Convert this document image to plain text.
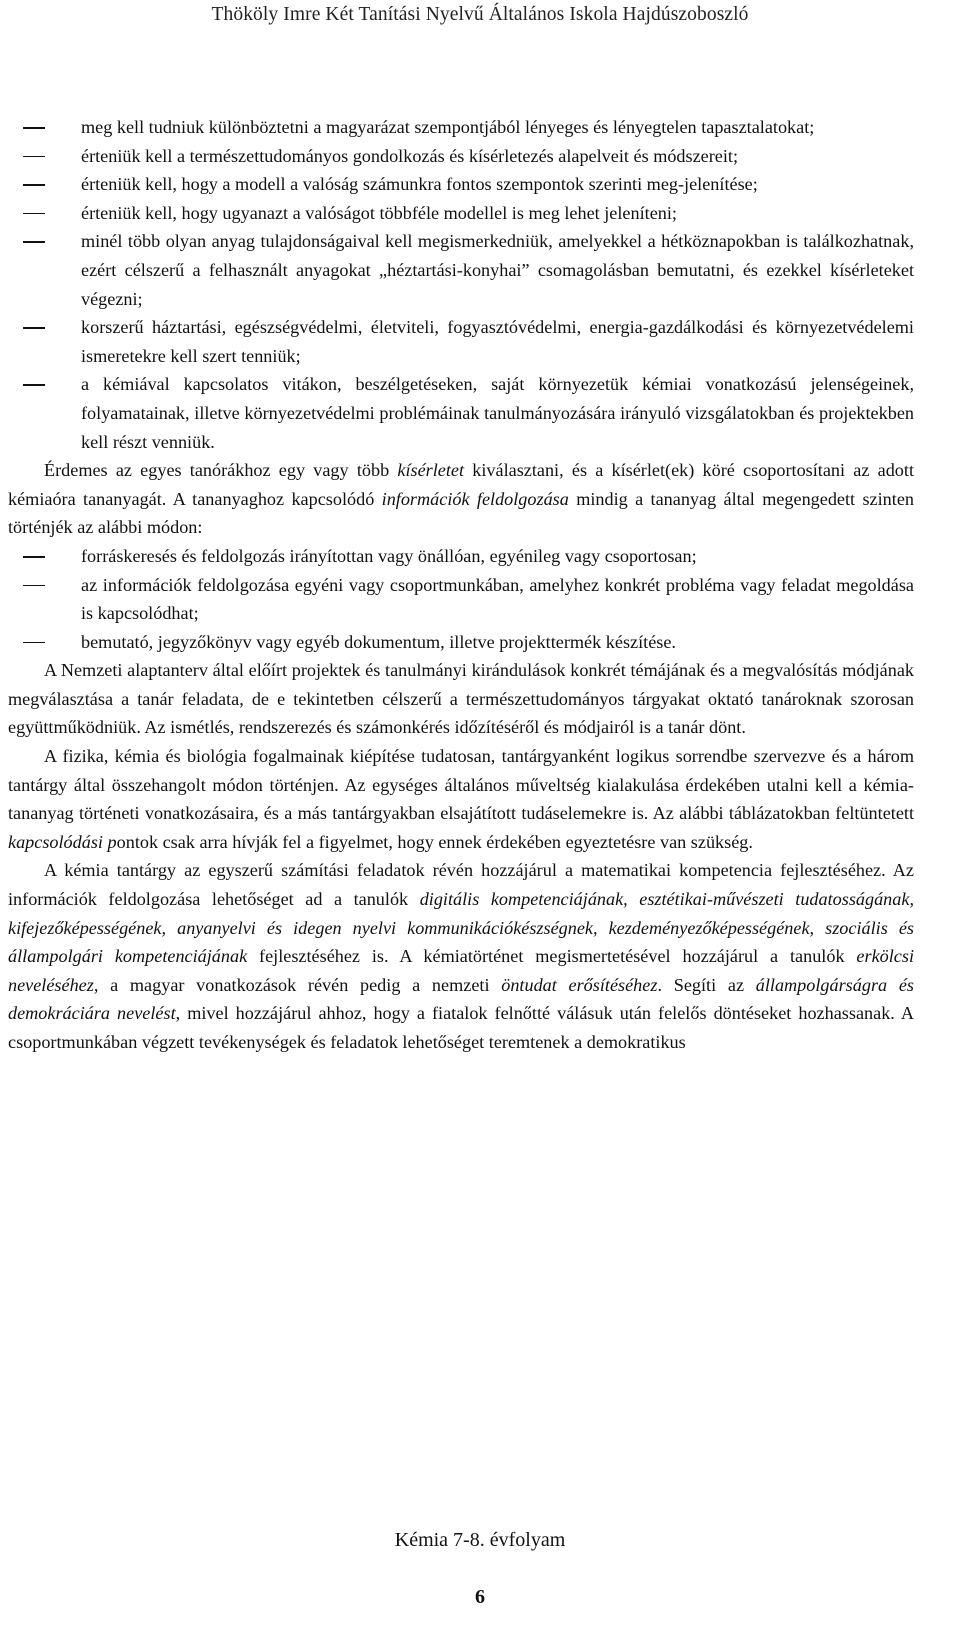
Thököly Imre Két Tanítási Nyelvű Általános Iskola Hajdúszoboszló
meg kell tudniuk különböztetni a magyarázat szempontjából lényeges és lényegtelen tapasztalatokat;
érteniük kell a természettudományos gondolkozás és kísérletezés alapelveit és módszereit;
érteniük kell, hogy a modell a valóság számunkra fontos szempontok szerinti meg-jelenítése;
érteniük kell, hogy ugyanazt a valóságot többféle modellel is meg lehet jeleníteni;
minél több olyan anyag tulajdonságaival kell megismerkedniük, amelyekkel a hétköznapokban is találkozhatnak, ezért célszerű a felhasznált anyagokat „héztartási-konyhai” csomagolásban bemutatni, és ezekkel kísérleteket végezni;
korszerű háztartási, egészségvédelmi, életviteli, fogyasztóvédelmi, energia-gazdálkodási és környezetvédelemi ismeretekre kell szert tenniük;
a kémiával kapcsolatos vitákon, beszélgetéseken, saját környezetük kémiai vonatkozású jelenségeinek, folyamatainak, illetve környezetvédelmi problémáinak tanulmányozására irányuló vizsgálatokban és projektekben kell részt venniük.

Érdemes az egyes tanórákhoz egy vagy több kísérletet kiválasztani, és a kísérlet(ek) köré csoportosítani az adott kémiaóra tananyagát. A tananyaghoz kapcsolódó információk feldolgozása mindig a tananyag által megengedett szinten történjék az alábbi módon:

forráskeresés és feldolgozás irányítottan vagy önállóan, egyénileg vagy csoportosan;
az információk feldolgozása egyéni vagy csoportmunkában, amelyhez konkrét probléma vagy feladat megoldása is kapcsolódhat;
bemutató, jegyzőkönyv vagy egyéb dokumentum, illetve projekttermék készítése.

A Nemzeti alaptanterv által előírt projektek és tanulmányi kirándulások konkrét témájának és a megvalósítás módjának megválasztása a tanár feladata, de e tekintetben célszerű a természettudományos tárgyakat oktató tanároknak szorosan együttműködniük. Az ismétlés, rendszerezés és számonkérés időzítéséről és módjairól is a tanár dönt.

A fizika, kémia és biológia fogalmainak kiépítése tudatosan, tantárgyanként logikus sorrendbe szervezve és a három tantárgy által összehangolt módon történjen. Az egységes általános műveltség kialakulása érdekében utalni kell a kémia-tananyag történeti vonatkozásaira, és a más tantárgyakban elsajátított tudáselemekre is. Az alábbi táblázatokban feltüntetett kapcsolódási pontok csak arra hívják fel a figyelmet, hogy ennek érdekében egyeztetésre van szükség.

A kémia tantárgy az egyszerű számítási feladatok révén hozzájárul a matematikai kompetencia fejlesztéséhez. Az információk feldolgozása lehetőséget ad a tanulók digitális kompetenciájának, esztétikai-művészeti tudatosságának, kifejezőképességének, anyanyelvi és idegen nyelvi kommunikációkészségnek, kezdeményezőképességének, szociális és állampolgári kompetenciájának fejlesztéséhez is. A kémiatörténet megismertetésével hozzájárul a tanulók erkölcsi neveléséhez, a magyar vonatkozások révén pedig a nemzeti öntudat erősítéséhez. Segíti az állampolgárságra és demokráciára nevelést, mivel hozzájárul ahhoz, hogy a fiatalok felnőtté válásuk után felelős döntéseket hozhassanak. A csoportmunkában végzett tevékenységek és feladatok lehetőséget teremtenek a demokratikus

Kémia 7-8. évfolyam
6
